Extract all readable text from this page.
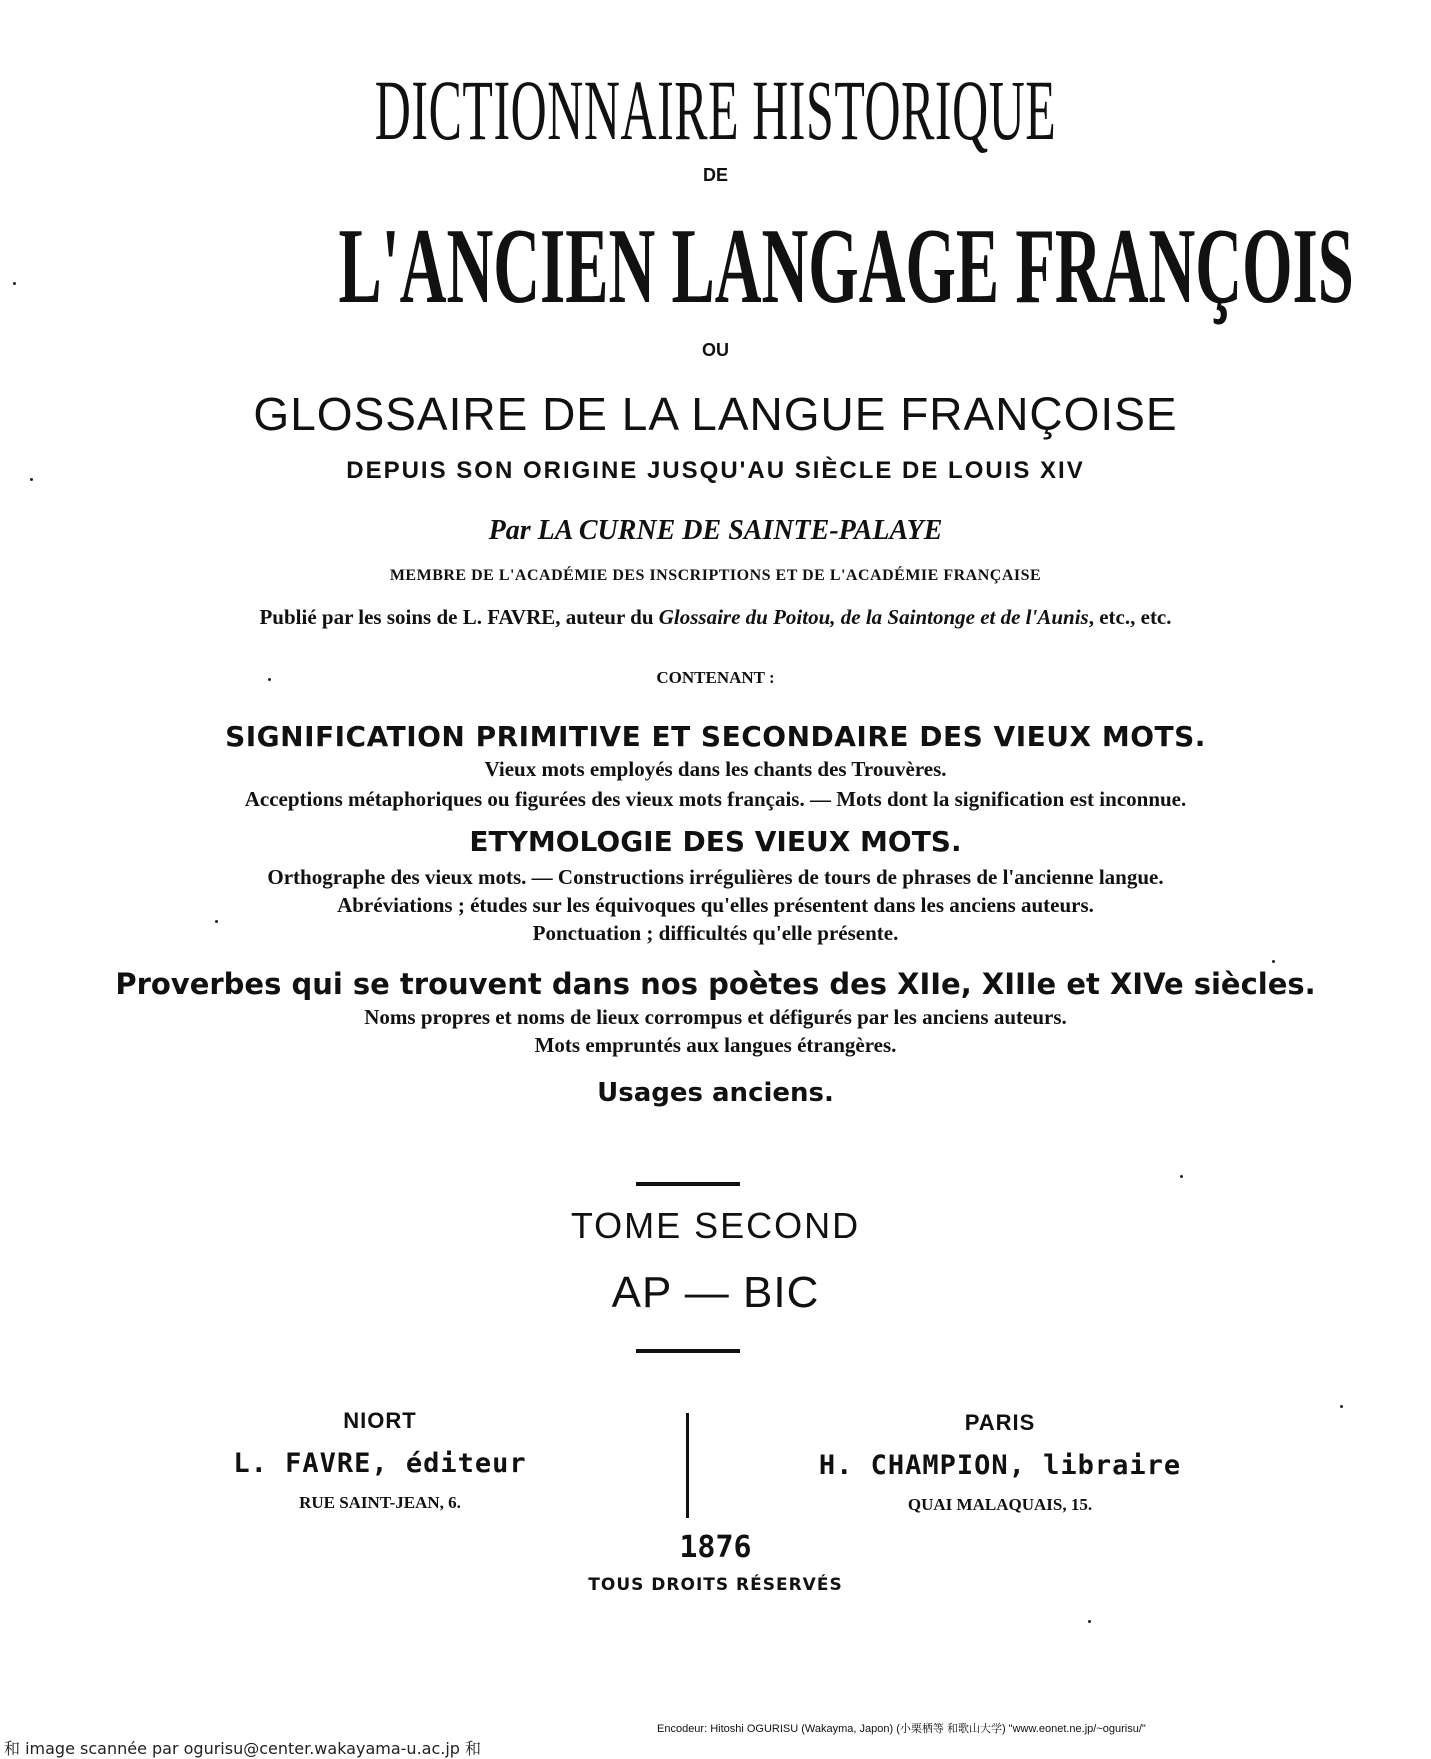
DICTIONNAIRE HISTORIQUE
DE
L'ANCIEN LANGAGE FRANÇOIS
OU
GLOSSAIRE DE LA LANGUE FRANÇOISE
DEPUIS SON ORIGINE JUSQU'AU SIÈCLE DE LOUIS XIV
Par LA CURNE DE SAINTE-PALAYE
MEMBRE DE L'ACADÉMIE DES INSCRIPTIONS ET DE L'ACADÉMIE FRANÇAISE
Publié par les soins de L. FAVRE, auteur du Glossaire du Poitou, de la Saintonge et de l'Aunis, etc., etc.
CONTENANT :
SIGNIFICATION PRIMITIVE ET SECONDAIRE DES VIEUX MOTS.
Vieux mots employés dans les chants des Trouvères.
Acceptions métaphoriques ou figurées des vieux mots français. — Mots dont la signification est inconnue.
ETYMOLOGIE DES VIEUX MOTS.
Orthographe des vieux mots. — Constructions irrégulières de tours de phrases de l'ancienne langue.
Abréviations ; études sur les équivoques qu'elles présentent dans les anciens auteurs.
Ponctuation ; difficultés qu'elle présente.
Proverbes qui se trouvent dans nos poètes des XIIe, XIIIe et XIVe siècles.
Noms propres et noms de lieux corrompus et défigurés par les anciens auteurs.
Mots empruntés aux langues étrangères.
Usages anciens.
TOME SECOND
AP — BIC
NIORT
L. FAVRE, éditeur
RUE SAINT-JEAN, 6.
PARIS
H. CHAMPION, libraire
QUAI MALAQUAIS, 15.
1876
TOUS DROITS RÉSERVÉS
Encodeur: Hitoshi OGURISU (Wakayma, Japon) (小栗栖等 和歌山大学) "www.eonet.ne.jp/~ogurisu/"
和 image scannée par ogurisu@center.wakayama-u.ac.jp 和
